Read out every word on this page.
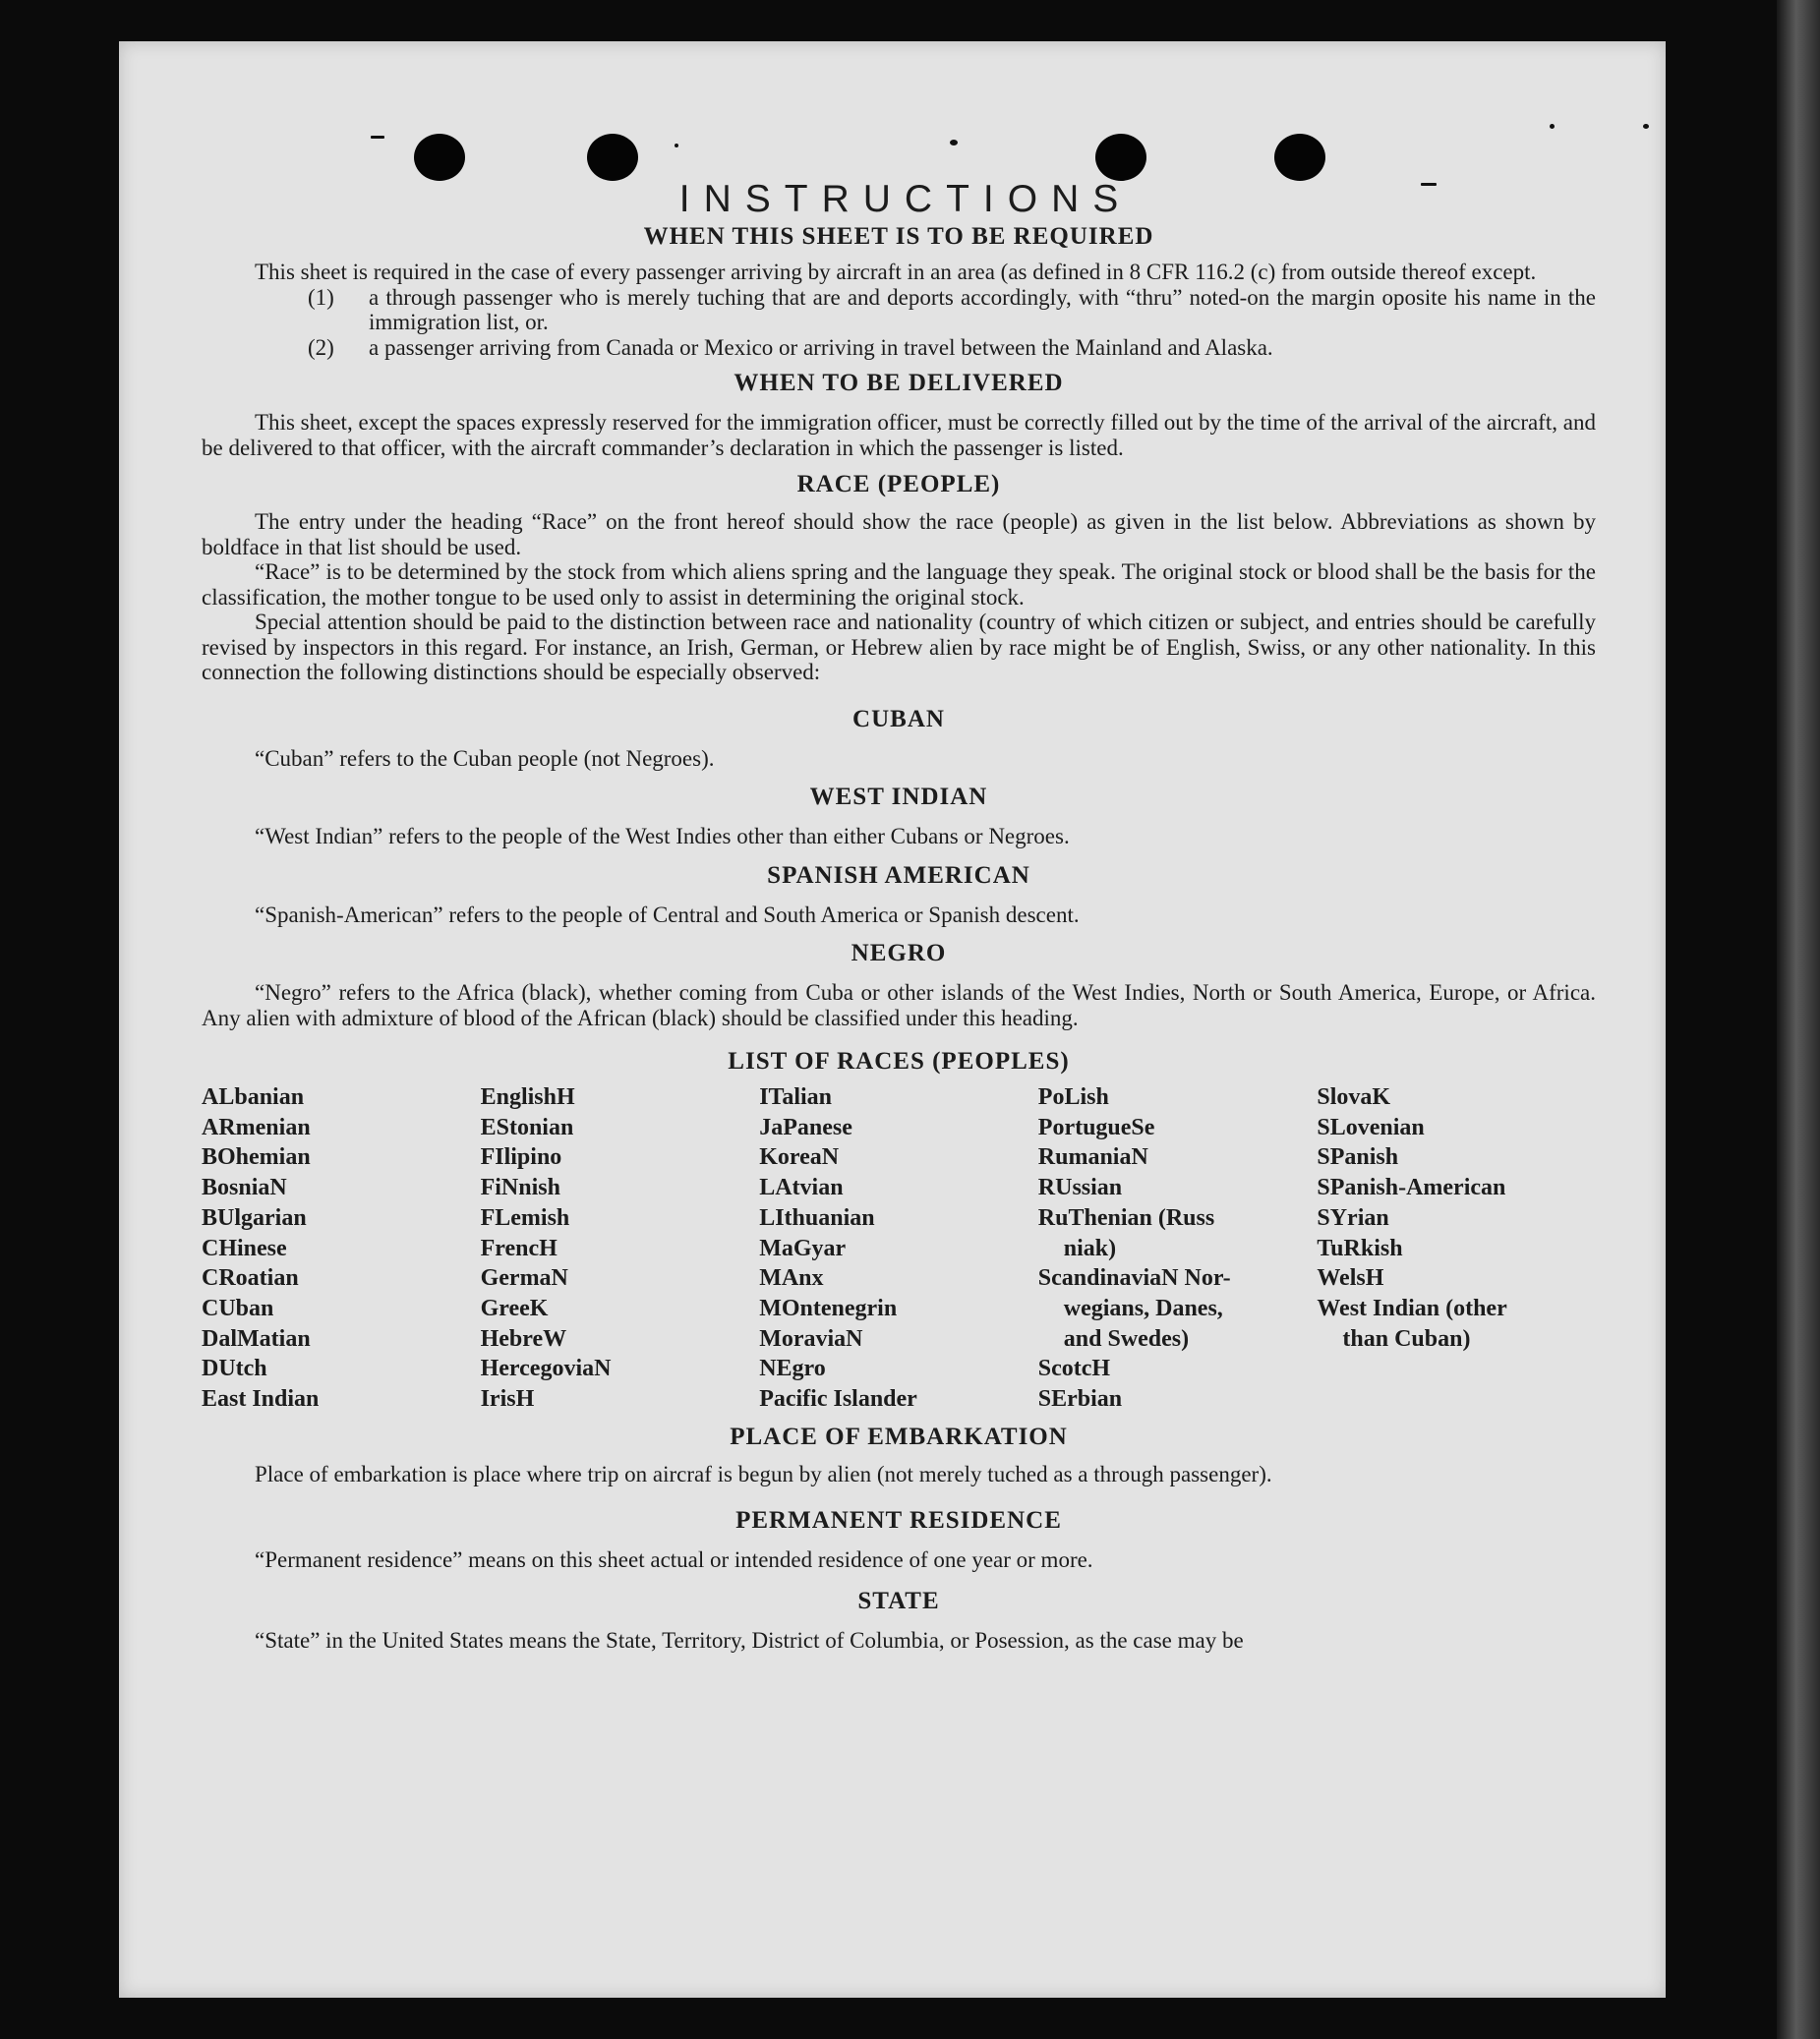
INSTRUCTIONS

WHEN THIS SHEET IS TO BE REQUIRED

This sheet is required in the case of every passenger arriving by aircraft in an area (as defined in 8 CFR 116.2 (c) from outside thereof except.

(1)	a through passenger who is merely tuching that are and deports accordingly, with “thru” noted-on the margin oposite his name in the immigration list, or.
(2)	a passenger arriving from Canada or Mexico or arriving in travel between the Mainland and Alaska.

WHEN TO BE DELIVERED

This sheet, except the spaces expressly reserved for the immigration officer, must be correctly filled out by the time of the arrival of the aircraft, and be delivered to that officer, with the aircraft commander’s declaration in which the passenger is listed.

RACE (PEOPLE)

The entry under the heading “Race” on the front hereof should show the race (people) as given in the list below. Abbreviations as shown by boldface in that list should be used.

“Race” is to be determined by the stock from which aliens spring and the language they speak. The original stock or blood shall be the basis for the classification, the mother tongue to be used only to assist in determining the original stock.

Special attention should be paid to the distinction between race and nationality (country of which citizen or subject, and entries should be carefully revised by inspectors in this regard. For instance, an Irish, German, or Hebrew alien by race might be of English, Swiss, or any other nationality. In this connection the following distinctions should be especially observed:

CUBAN

“Cuban” refers to the Cuban people (not Negroes).

WEST INDIAN

“West Indian” refers to the people of the West Indies other than either Cubans or Negroes.

SPANISH AMERICAN

“Spanish-American” refers to the people of Central and South America or Spanish descent.

NEGRO

“Negro” refers to the Africa (black), whether coming from Cuba or other islands of the West Indies, North or South America, Europe, or Africa. Any alien with admixture of blood of the African (black) should be classified under this heading.

LIST OF RACES (PEOPLES)

ALbanian
ARmenian
BOhemian
BosniaN
BUlgarian
CHinese
CRoatian
CUban
DalMatian
DUtch
East Indian
EnglishH
EStonian
FIlipino
FiNnish
FLemish
FrencH
GermaN
GreeK
HebreW
HercegoviaN
IrisH
ITalian
JaPanese
KoreaN
LAtvian
LIthuanian
MaGyar
MAnx
MOntenegrin
MoraviaN
NEgro
Pacific Islander
PoLish
PortugueSe
RumaniaN
RUssian
RuThenian (Russ
niak)
ScandinaviaN Nor-
wegians, Danes,
and Swedes)
ScotcH
SErbian
SlovaK
SLovenian
SPanish
SPanish-American
SYrian
TuRkish
WelsH
West Indian (other
than Cuban)

PLACE OF EMBARKATION

Place of embarkation is place where trip on aircraf is begun by alien (not merely tuched as a through passenger).

PERMANENT RESIDENCE

“Permanent residence” means on this sheet actual or intended residence of one year or more.

STATE

“State” in the United States means the State, Territory, District of Columbia, or Posession, as the case may be
